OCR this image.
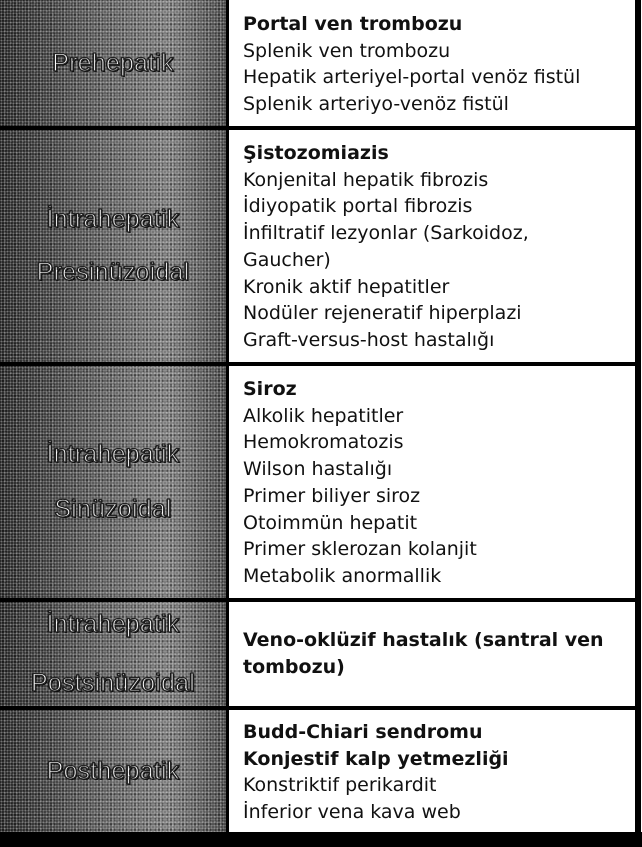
Prehepatik
Portal ven trombozu
Splenik ven trombozu
Hepatik arteriyel-portal venöz fistül
Splenik arteriyo-venöz fistül
İntrahepatik
Presinüzoidal
Şistozomiazis
Konjenital hepatik fibrozis
İdiyopatik portal fibrozis
İnfiltratif lezyonlar (Sarkoidoz,
Gaucher)
Kronik aktif hepatitler
Nodüler rejeneratif hiperplazi
Graft-versus-host hastalığı
İntrahepatik
Sinüzoidal
Siroz
Alkolik hepatitler
Hemokromatozis
Wilson hastalığı
Primer biliyer siroz
Otoimmün hepatit
Primer sklerozan kolanjit
Metabolik anormallik
İntrahepatik
Postsinüzoidal
Veno-oklüzif hastalık (santral ven
tombozu)
Posthepatik
Budd-Chiari sendromu
Konjestif kalp yetmezliği
Konstriktif perikardit
İnferior vena kava web
